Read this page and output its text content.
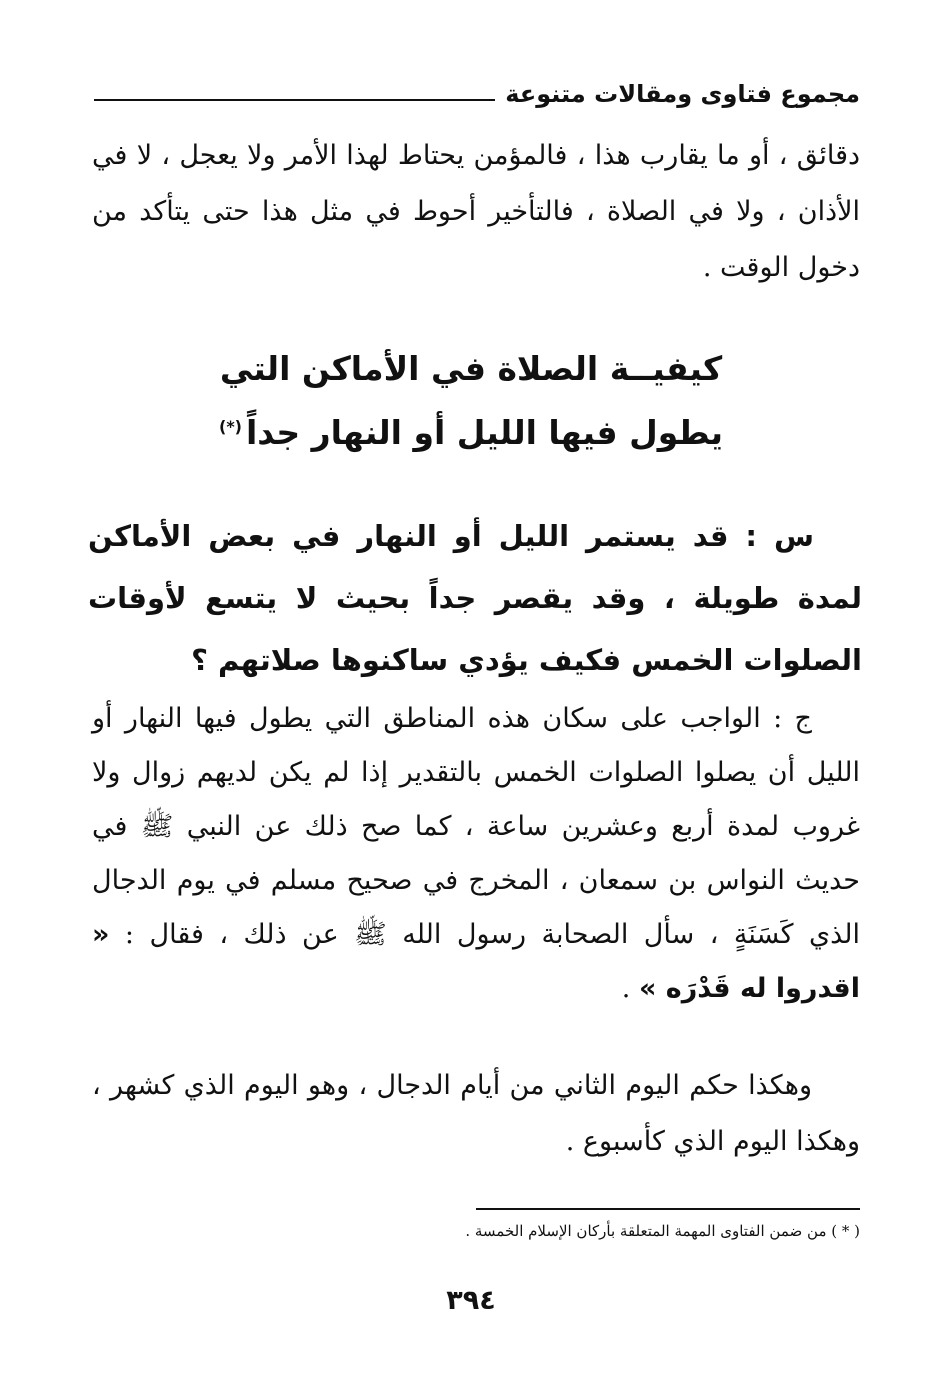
مجموع فتاوى ومقالات متنوعة

دقائق ، أو ما يقارب هذا ، فالمؤمن يحتاط لهذا الأمر ولا يعجل ، لا في الأذان ، ولا في الصلاة ، فالتأخير أحوط في مثل هذا حتى يتأكد من دخول الوقت .

كيفيــة الصلاة في الأماكن التي
يطول فيها الليل أو النهار جداً(*)

س : قد يستمر الليل أو النهار في بعض الأماكن لمدة طويلة ، وقد يقصر جداً بحيث لا يتسع لأوقات الصلوات الخمس فكيف يؤدي ساكنوها صلاتهم ؟

ج : الواجب على سكان هذه المناطق التي يطول فيها النهار أو الليل أن يصلوا الصلوات الخمس بالتقدير إذا لم يكن لديهم زوال ولا غروب لمدة أربع وعشرين ساعة ، كما صح ذلك عن النبي ﷺ في حديث النواس بن سمعان ، المخرج في صحيح مسلم في يوم الدجال الذي كَسَنَةٍ ، سأل الصحابة رسول الله ﷺ عن ذلك ، فقال : « اقدروا له قَدْرَه » .

وهكذا حكم اليوم الثاني من أيام الدجال ، وهو اليوم الذي كشهر ، وهكذا اليوم الذي كأسبوع .

( * ) من ضمن الفتاوى المهمة المتعلقة بأركان الإسلام الخمسة .
٣٩٤
